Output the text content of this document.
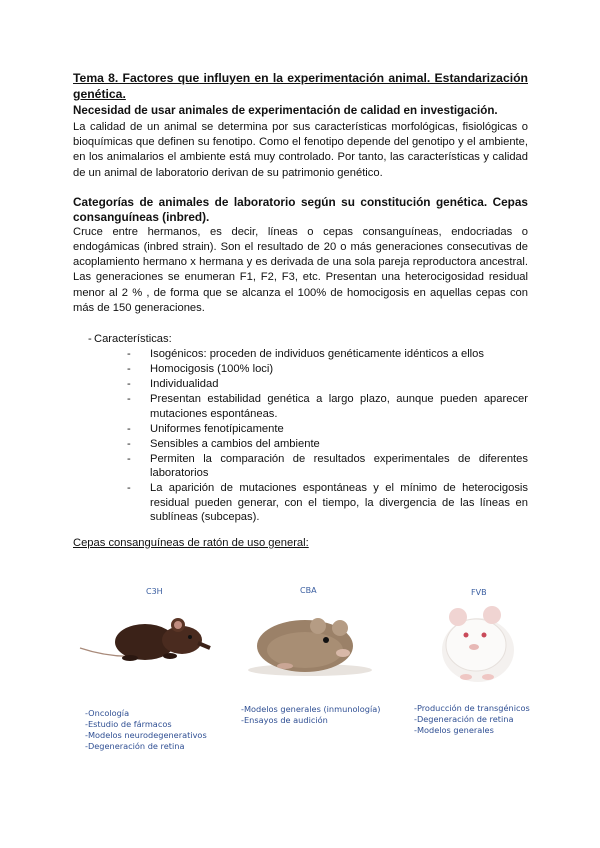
Tema 8. Factores que influyen en la experimentación animal. Estandarización genética.

Necesidad de usar animales de experimentación de calidad en investigación.

La calidad de un animal se determina por sus características morfológicas, fisiológicas o bioquímicas que definen su fenotipo. Como el fenotipo depende del genotipo y el ambiente, en los animalarios el ambiente está muy controlado. Por tanto, las características y calidad de un animal de laboratorio derivan de su patrimonio genético.

Categorías de animales de laboratorio según su constitución genética. Cepas consanguíneas (inbred).

Cruce entre hermanos, es decir, líneas o cepas consanguíneas, endocriadas o endogámicas (inbred strain). Son el resultado de 20 o más generaciones consecutivas de acoplamiento hermano x hermana y es derivada de una sola pareja reproductora ancestral. Las generaciones se enumeran F1, F2, F3, etc. Presentan una heterocigosidad residual menor al 2 % , de forma que se alcanza el 100% de homocigosis en aquellas cepas con más de 150 generaciones.

- Características:
- Isogénicos: proceden de individuos genéticamente idénticos a ellos
- Homocigosis (100% loci)
- Individualidad
- Presentan estabilidad genética a largo plazo, aunque pueden aparecer mutaciones espontáneas.
- Uniformes fenotípicamente
- Sensibles a cambios del ambiente
- Permiten la comparación de resultados experimentales de diferentes laboratorios
- La aparición de mutaciones espontáneas y el mínimo de heterocigosis residual pueden generar, con el tiempo, la divergencia de las líneas en sublíneas (subcepas).

Cepas consanguíneas de ratón de uso general:

C3H
-Oncología
-Estudio de fármacos
-Modelos neurodegenerativos
-Degeneración de retina
CBA
-Modelos generales (inmunología)
-Ensayos de audición
FVB
-Producción de transgénicos
-Degeneración de retina
-Modelos generales
